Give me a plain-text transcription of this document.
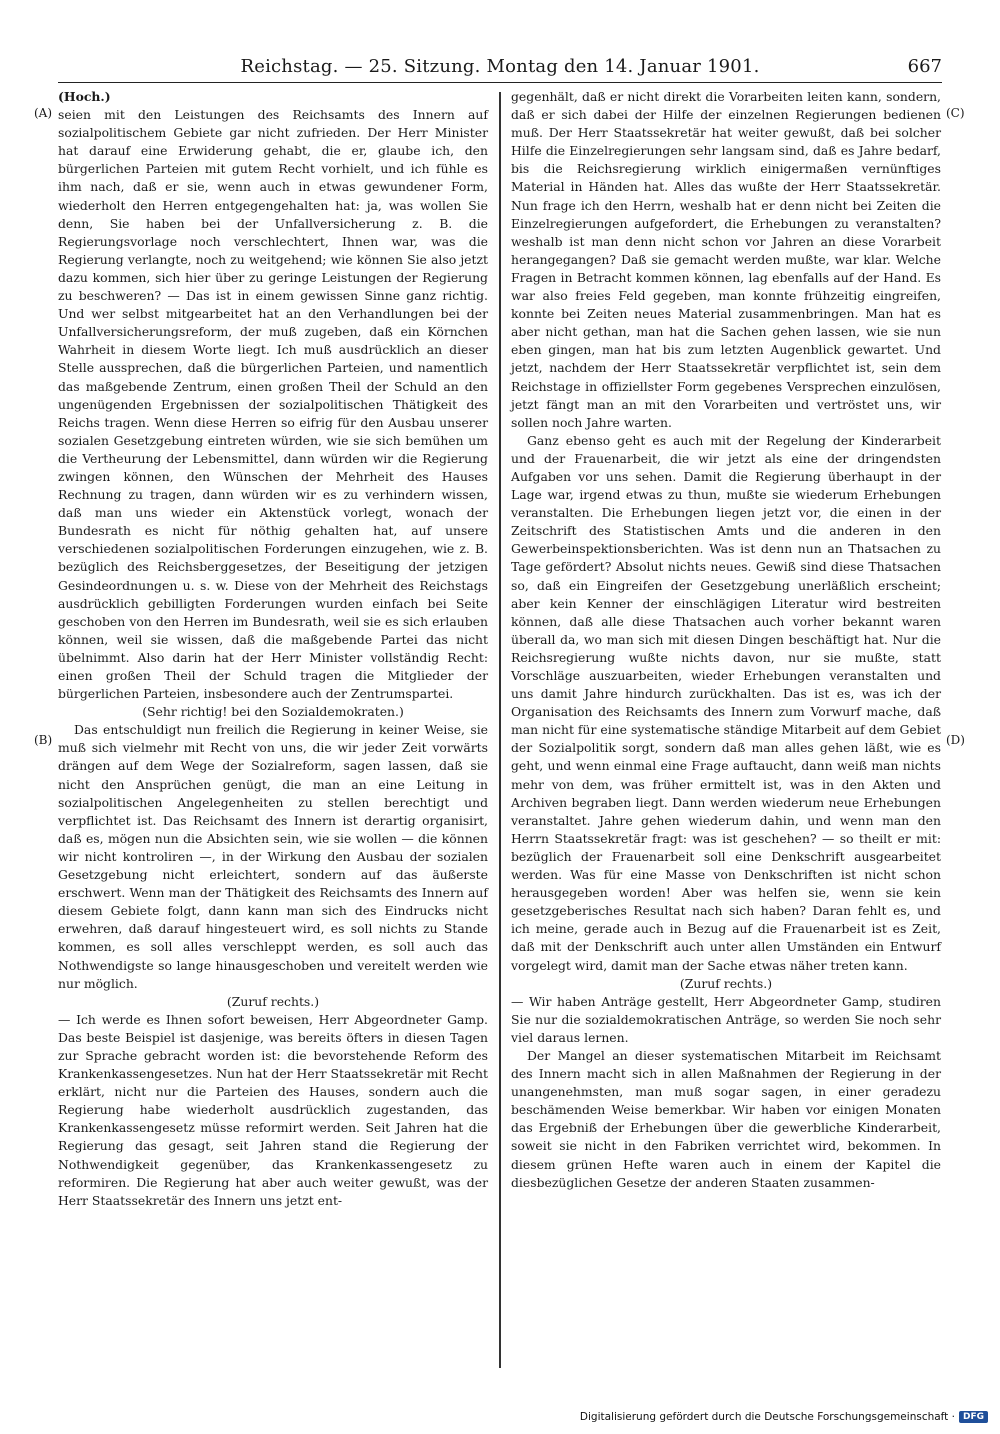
Reichstag. — 25. Sitzung. Montag den 14. Januar 1901.	667
(A)
(B)
(C)
(D)

(Hoch.)

seien mit den Leistungen des Reichsamts des Innern auf sozialpolitischem Gebiete gar nicht zufrieden. Der Herr Minister hat darauf eine Erwiderung gehabt, die er, glaube ich, den bürgerlichen Parteien mit gutem Recht vorhielt, und ich fühle es ihm nach, daß er sie, wenn auch in etwas gewundener Form, wiederholt den Herren entgegengehalten hat: ja, was wollen Sie denn, Sie haben bei der Unfallversicherung z. B. die Regierungsvorlage noch verschlechtert, Ihnen war, was die Regierung verlangte, noch zu weitgehend; wie können Sie also jetzt dazu kommen, sich hier über zu geringe Leistungen der Regierung zu beschweren? — Das ist in einem gewissen Sinne ganz richtig. Und wer selbst mitgearbeitet hat an den Verhandlungen bei der Unfallversicherungsreform, der muß zugeben, daß ein Körnchen Wahrheit in diesem Worte liegt. Ich muß ausdrücklich an dieser Stelle aussprechen, daß die bürgerlichen Parteien, und namentlich das maßgebende Zentrum, einen großen Theil der Schuld an den ungenügenden Ergebnissen der sozialpolitischen Thätigkeit des Reichs tragen. Wenn diese Herren so eifrig für den Ausbau unserer sozialen Gesetzgebung eintreten würden, wie sie sich bemühen um die Vertheurung der Lebensmittel, dann würden wir die Regierung zwingen können, den Wünschen der Mehrheit des Hauses Rechnung zu tragen, dann würden wir es zu verhindern wissen, daß man uns wieder ein Aktenstück vorlegt, wonach der Bundesrath es nicht für nöthig gehalten hat, auf unsere verschiedenen sozialpolitischen Forderungen einzugehen, wie z. B. bezüglich des Reichsberggesetzes, der Beseitigung der jetzigen Gesindeordnungen u. s. w. Diese von der Mehrheit des Reichstags ausdrücklich gebilligten Forderungen wurden einfach bei Seite geschoben von den Herren im Bundesrath, weil sie es sich erlauben können, weil sie wissen, daß die maßgebende Partei das nicht übelnimmt. Also darin hat der Herr Minister vollständig Recht: einen großen Theil der Schuld tragen die Mitglieder der bürgerlichen Parteien, insbesondere auch der Zentrumspartei.

(Sehr richtig! bei den Sozialdemokraten.)

Das entschuldigt nun freilich die Regierung in keiner Weise, sie muß sich vielmehr mit Recht von uns, die wir jeder Zeit vorwärts drängen auf dem Wege der Sozialreform, sagen lassen, daß sie nicht den Ansprüchen genügt, die man an eine Leitung in sozialpolitischen Angelegenheiten zu stellen berechtigt und verpflichtet ist. Das Reichsamt des Innern ist derartig organisirt, daß es, mögen nun die Absichten sein, wie sie wollen — die können wir nicht kontroliren —, in der Wirkung den Ausbau der sozialen Gesetzgebung nicht erleichtert, sondern auf das äußerste erschwert. Wenn man der Thätigkeit des Reichsamts des Innern auf diesem Gebiete folgt, dann kann man sich des Eindrucks nicht erwehren, daß darauf hingesteuert wird, es soll nichts zu Stande kommen, es soll alles verschleppt werden, es soll auch das Nothwendigste so lange hinausgeschoben und vereitelt werden wie nur möglich.

(Zuruf rechts.)

— Ich werde es Ihnen sofort beweisen, Herr Abgeordneter Gamp. Das beste Beispiel ist dasjenige, was bereits öfters in diesen Tagen zur Sprache gebracht worden ist: die bevorstehende Reform des Krankenkassengesetzes. Nun hat der Herr Staatssekretär mit Recht erklärt, nicht nur die Parteien des Hauses, sondern auch die Regierung habe wiederholt ausdrücklich zugestanden, das Krankenkassengesetz müsse reformirt werden. Seit Jahren hat die Regierung das gesagt, seit Jahren stand die Regierung der Nothwendigkeit gegenüber, das Krankenkassengesetz zu reformiren. Die Regierung hat aber auch weiter gewußt, was der Herr Staatssekretär des Innern uns jetzt ent-

gegenhält, daß er nicht direkt die Vorarbeiten leiten kann, sondern, daß er sich dabei der Hilfe der einzelnen Regierungen bedienen muß. Der Herr Staatssekretär hat weiter gewußt, daß bei solcher Hilfe die Einzelregierungen sehr langsam sind, daß es Jahre bedarf, bis die Reichsregierung wirklich einigermaßen vernünftiges Material in Händen hat. Alles das wußte der Herr Staatssekretär. Nun frage ich den Herrn, weshalb hat er denn nicht bei Zeiten die Einzelregierungen aufgefordert, die Erhebungen zu veranstalten? weshalb ist man denn nicht schon vor Jahren an diese Vorarbeit herangegangen? Daß sie gemacht werden mußte, war klar. Welche Fragen in Betracht kommen können, lag ebenfalls auf der Hand. Es war also freies Feld gegeben, man konnte frühzeitig eingreifen, konnte bei Zeiten neues Material zusammenbringen. Man hat es aber nicht gethan, man hat die Sachen gehen lassen, wie sie nun eben gingen, man hat bis zum letzten Augenblick gewartet. Und jetzt, nachdem der Herr Staatssekretär verpflichtet ist, sein dem Reichstage in offiziellster Form gegebenes Versprechen einzulösen, jetzt fängt man an mit den Vorarbeiten und vertröstet uns, wir sollen noch Jahre warten.

Ganz ebenso geht es auch mit der Regelung der Kinderarbeit und der Frauenarbeit, die wir jetzt als eine der dringendsten Aufgaben vor uns sehen. Damit die Regierung überhaupt in der Lage war, irgend etwas zu thun, mußte sie wiederum Erhebungen veranstalten. Die Erhebungen liegen jetzt vor, die einen in der Zeitschrift des Statistischen Amts und die anderen in den Gewerbeinspektionsberichten. Was ist denn nun an Thatsachen zu Tage gefördert? Absolut nichts neues. Gewiß sind diese Thatsachen so, daß ein Eingreifen der Gesetzgebung unerläßlich erscheint; aber kein Kenner der einschlägigen Literatur wird bestreiten können, daß alle diese Thatsachen auch vorher bekannt waren überall da, wo man sich mit diesen Dingen beschäftigt hat. Nur die Reichsregierung wußte nichts davon, nur sie mußte, statt Vorschläge auszuarbeiten, wieder Erhebungen veranstalten und uns damit Jahre hindurch zurückhalten. Das ist es, was ich der Organisation des Reichsamts des Innern zum Vorwurf mache, daß man nicht für eine systematische ständige Mitarbeit auf dem Gebiet der Sozialpolitik sorgt, sondern daß man alles gehen läßt, wie es geht, und wenn einmal eine Frage auftaucht, dann weiß man nichts mehr von dem, was früher ermittelt ist, was in den Akten und Archiven begraben liegt. Dann werden wiederum neue Erhebungen veranstaltet. Jahre gehen wiederum dahin, und wenn man den Herrn Staatssekretär fragt: was ist geschehen? — so theilt er mit: bezüglich der Frauenarbeit soll eine Denkschrift ausgearbeitet werden. Was für eine Masse von Denkschriften ist nicht schon herausgegeben worden! Aber was helfen sie, wenn sie kein gesetzgeberisches Resultat nach sich haben? Daran fehlt es, und ich meine, gerade auch in Bezug auf die Frauenarbeit ist es Zeit, daß mit der Denkschrift auch unter allen Umständen ein Entwurf vorgelegt wird, damit man der Sache etwas näher treten kann.

(Zuruf rechts.)

— Wir haben Anträge gestellt, Herr Abgeordneter Gamp, studiren Sie nur die sozialdemokratischen Anträge, so werden Sie noch sehr viel daraus lernen.

Der Mangel an dieser systematischen Mitarbeit im Reichsamt des Innern macht sich in allen Maßnahmen der Regierung in der unangenehmsten, man muß sogar sagen, in einer geradezu beschämenden Weise bemerkbar. Wir haben vor einigen Monaten das Ergebniß der Erhebungen über die gewerbliche Kinderarbeit, soweit sie nicht in den Fabriken verrichtet wird, bekommen. In diesem grünen Hefte waren auch in einem der Kapitel die diesbezüglichen Gesetze der anderen Staaten zusammen-

Digitalisierung gefördert durch die Deutsche Forschungsgemeinschaft · DFG
